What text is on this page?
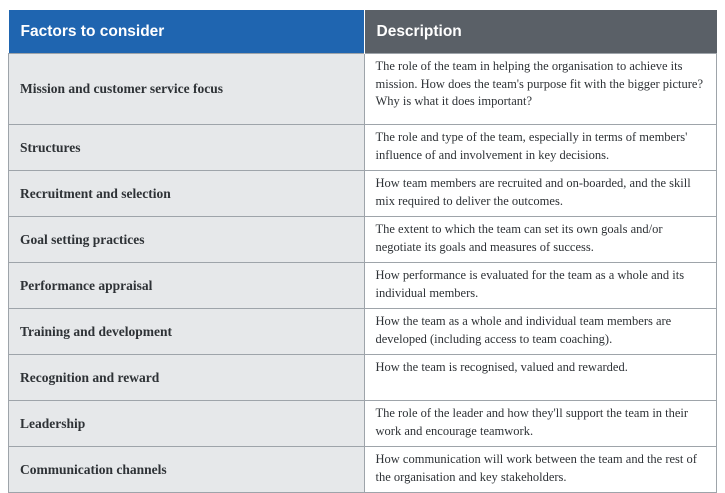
Factors to consider	Description
Mission and customer service focus	The role of the team in helping the organisation to achieve its mission. How does the team's purpose fit with the bigger picture? Why is what it does important?
Structures	The role and type of the team, especially in terms of members' influence of and involvement in key decisions.
Recruitment and selection	How team members are recruited and on-boarded, and the skill mix required to deliver the outcomes.
Goal setting practices	The extent to which the team can set its own goals and/or negotiate its goals and measures of success.
Performance appraisal	How performance is evaluated for the team as a whole and its individual members.
Training and development	How the team as a whole and individual team members are developed (including access to team coaching).
Recognition and reward	How the team is recognised, valued and rewarded.
Leadership	The role of the leader and how they'll support the team in their work and encourage teamwork.
Communication channels	How communication will work between the team and the rest of the organisation and key stakeholders.
